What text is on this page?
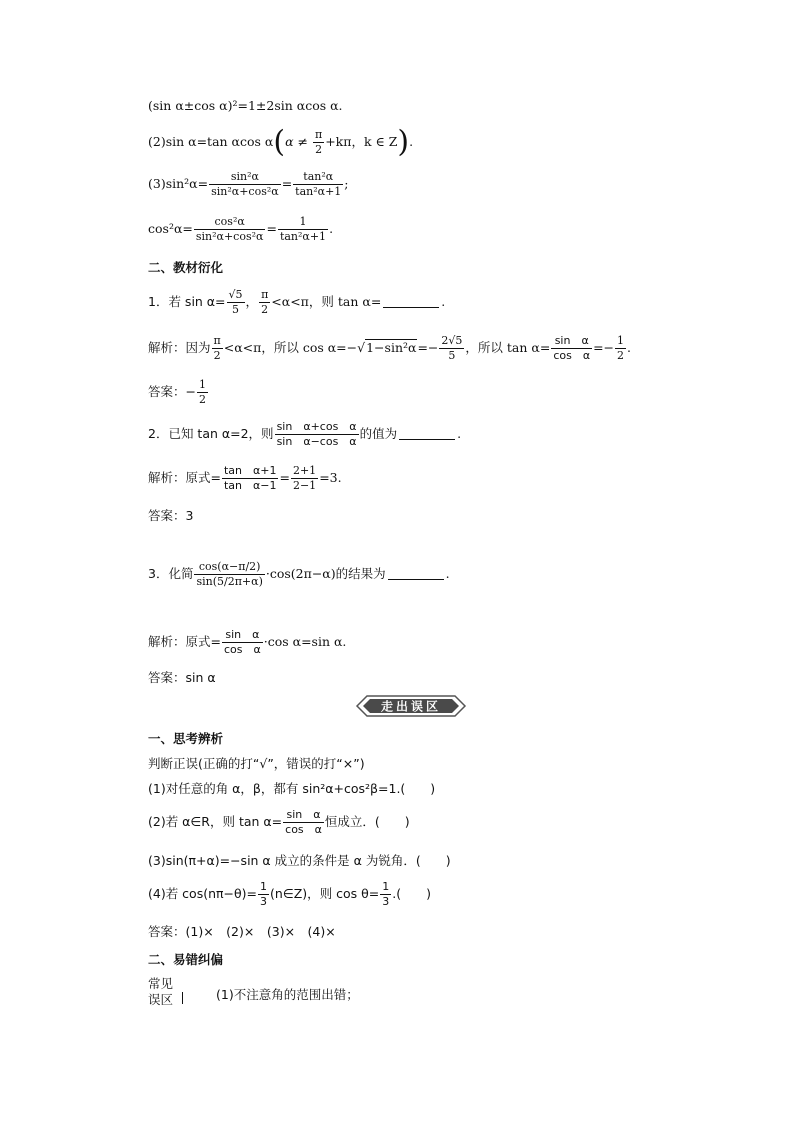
(sin α±cos α)²=1±2sin αcos α.
(2)sin α=tan αcos $\alpha(\alpha \ne \frac{\pi}{2} +k\pi$，k ∈ Z).
$(3)\sin^2\alpha= \frac{\text{sin²α}}{\text{sin²α+cos²α}} = \frac{\text{tan²α}}{\text{tan²α+1}}$ ;
$\cos^2\alpha= \frac{\text{cos²α}}{\text{sin²α+cos²α}} = \frac{1}{\text{tan²α+1}}$ .
二、教材衍化
1．若 $\sin \alpha= \frac{√5}{5}$ ， $\frac{\pi}{2} <\alpha<\pi$，则 tan α=	.
解析：因为 $\frac{\pi}{2} <\alpha<\pi$，所以 $\cos \alpha=-√1-\sin^2\alpha=- \frac{2√5}{5}$ ，所以 $\tan \alpha= \frac{\text{sin　α}}{\text{cos　α}} =- \frac{1}{2}$ .
答案：− $\frac{1}{2}$
2．已知 tan α=2，则 $\frac{\text{sin　α+cos　α}}{\text{sin　α−cos　α}}$ 的值为	.
解析：原式= $\frac{\text{tan　α+1}}{\text{tan　α−1}} = \frac{2+1}{2-1} =3$.
答案：3
3．化简 $\frac{\cos(\alpha-\pi/2)}{\sin(5/2\pi+\alpha)} \cdot\cos(2\pi-\alpha)$的结果为	.
解析：原式= $\frac{\text{sin　α}}{\text{cos　α}} \cdot\cos$ α=sin α.
答案：sin α
走出误区
一、思考辨析
判断正误(正确的打“√”，错误的打“×”)
(1)对任意的角 α，β，都有 sin²α+cos²β=1.(　　)
(2)若 α∈R，则 $\tan \alpha= \frac{\text{sin　α}}{\text{cos　α}}$ 恒成立．(　　)
(3)sin(π+α)=−sin α 成立的条件是 α 为锐角．(　　)
(4)若 $\cos(n\pi-\theta)= \frac{1}{3}$ (n∈Z)，则 $\cos \theta= \frac{1}{3}$ .(　　)
答案：(1)×　(2)×　(3)×　(4)×
二、易错纠偏
常见
误区	(1)不注意角的范围出错；
